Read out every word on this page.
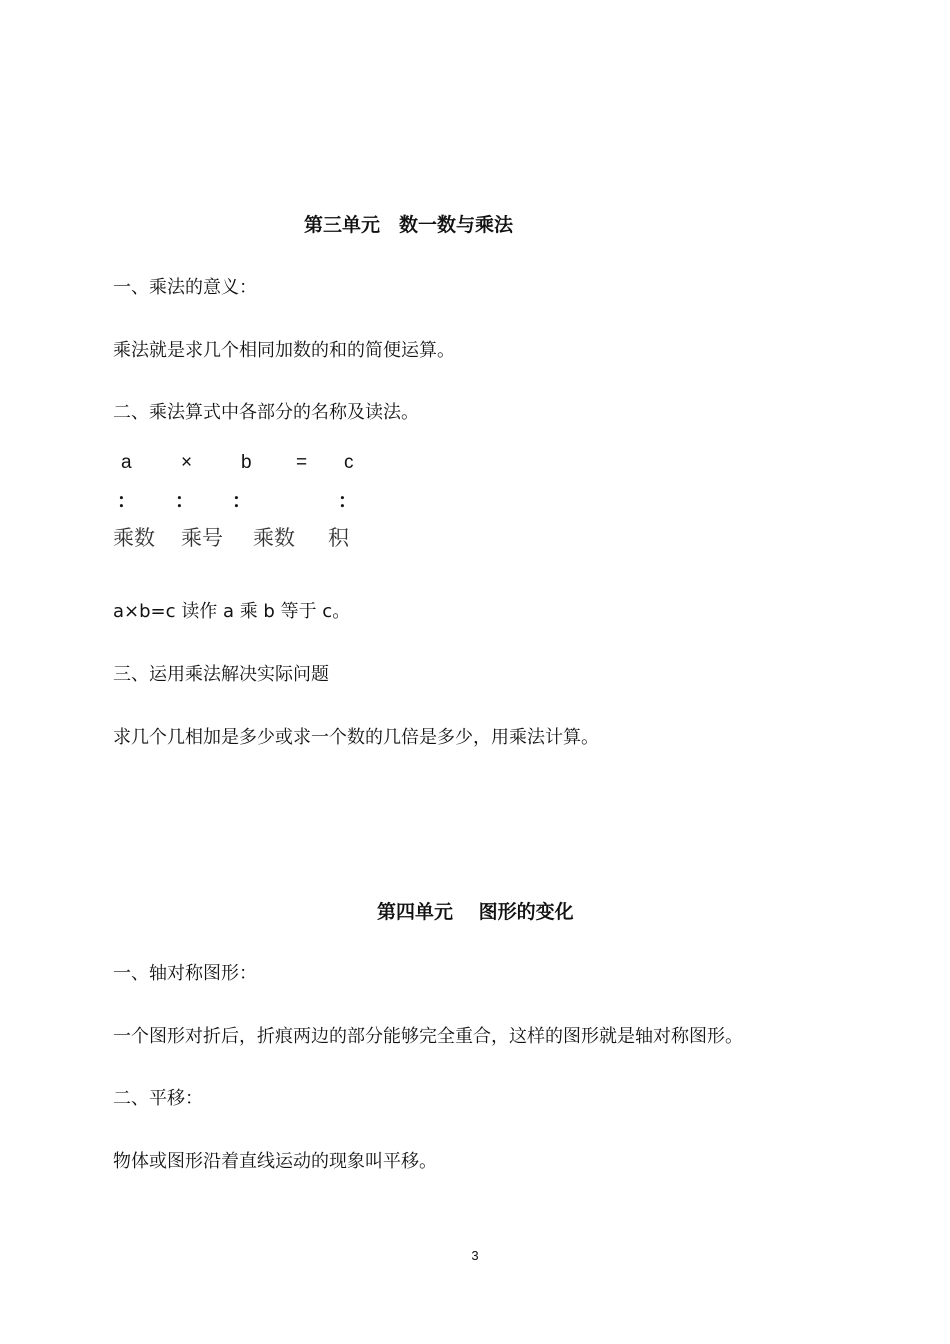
第三单元　数一数与乘法
一、乘法的意义：
乘法就是求几个相同加数的和的简便运算。
二、乘法算式中各部分的名称及读法。
a	×	b = c
： ： ：	：
乘数 乘号 乘数 积
a×b=c 读作 a 乘 b 等于 c。
三、运用乘法解决实际问题
求几个几相加是多少或求一个数的几倍是多少，用乘法计算。
第四单元　 图形的变化
一、轴对称图形：
一个图形对折后，折痕两边的部分能够完全重合，这样的图形就是轴对称图形。
二、平移：
物体或图形沿着直线运动的现象叫平移。
3
